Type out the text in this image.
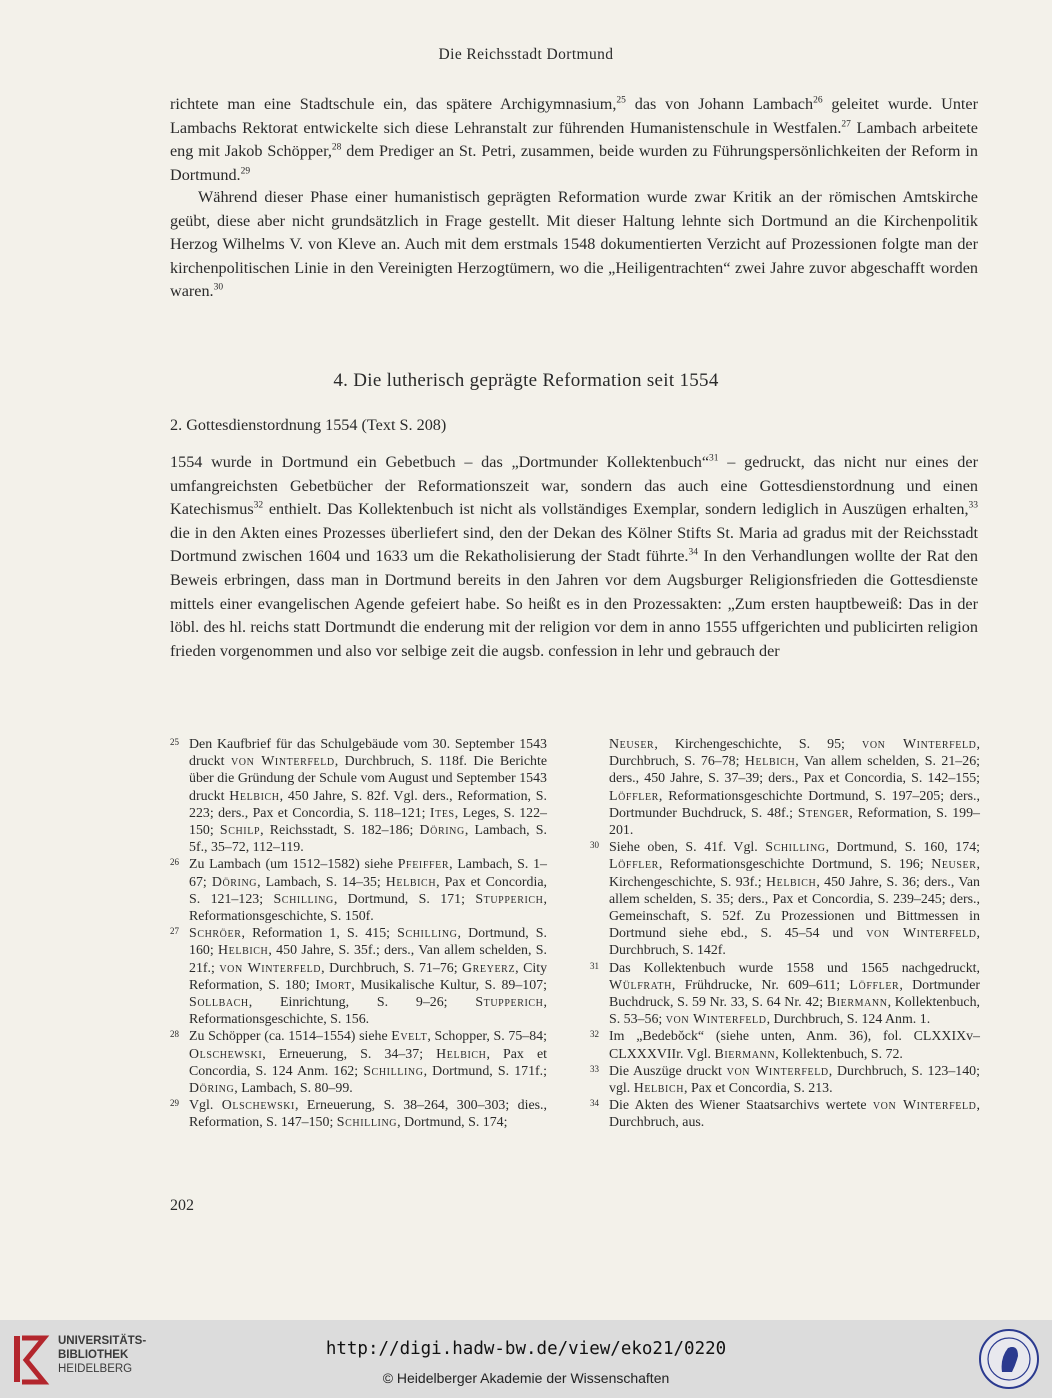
Die Reichsstadt Dortmund

richtete man eine Stadtschule ein, das spätere Archigymnasium,$^{25}$ das von Johann Lambach$^{26}$ geleitet wurde. Unter Lambachs Rektorat entwickelte sich diese Lehranstalt zur führenden Humanistenschule in Westfalen.$^{27}$ Lambach arbeitete eng mit Jakob Schöpper,$^{28}$ dem Prediger an St. Petri, zusammen, beide wurden zu Führungspersönlichkeiten der Reform in Dortmund.$^{29}$

Während dieser Phase einer humanistisch geprägten Reformation wurde zwar Kritik an der römischen Amtskirche geübt, diese aber nicht grundsätzlich in Frage gestellt. Mit dieser Haltung lehnte sich Dortmund an die Kirchenpolitik Herzog Wilhelms V. von Kleve an. Auch mit dem erstmals 1548 dokumentierten Verzicht auf Prozessionen folgte man der kirchenpolitischen Linie in den Vereinigten Herzogtümern, wo die „Heiligentrachten“ zwei Jahre zuvor abgeschafft worden waren.$^{30}$

4. Die lutherisch geprägte Reformation seit 1554
2. Gottesdienstordnung 1554 (Text S. 208)

1554 wurde in Dortmund ein Gebetbuch – das „Dortmunder Kollektenbuch“$^{31}$ – gedruckt, das nicht nur eines der umfangreichsten Gebetbücher der Reformationszeit war, sondern das auch eine Gottesdienstordnung und einen Katechismus$^{32}$ enthielt. Das Kollektenbuch ist nicht als vollständiges Exemplar, sondern lediglich in Auszügen erhalten,$^{33}$ die in den Akten eines Prozesses überliefert sind, den der Dekan des Kölner Stifts St. Maria ad gradus mit der Reichsstadt Dortmund zwischen 1604 und 1633 um die Rekatholisierung der Stadt führte.$^{34}$ In den Verhandlungen wollte der Rat den Beweis erbringen, dass man in Dortmund bereits in den Jahren vor dem Augsburger Religionsfrieden die Gottesdienste mittels einer evangelischen Agende gefeiert habe. So heißt es in den Prozessakten: „Zum ersten hauptbeweiß: Das in der löbl. des hl. reichs statt Dortmundt die enderung mit der religion vor dem in anno 1555 uffgerichten und publicirten religion frieden vorgenommen und also vor selbige zeit die augsb. confession in lehr und gebrauch der

25 Den Kaufbrief für das Schulgebäude vom 30. September 1543 druckt von Winterfeld, Durchbruch, S. 118f. Die Berichte über die Gründung der Schule vom August und September 1543 druckt Helbich, 450 Jahre, S. 82f. Vgl. ders., Reformation, S. 223; ders., Pax et Concordia, S. 118–121; Ites, Leges, S. 122–150; Schilp, Reichsstadt, S. 182–186; Döring, Lambach, S. 5f., 35–72, 112–119.

26 Zu Lambach (um 1512–1582) siehe Pfeiffer, Lambach, S. 1–67; Döring, Lambach, S. 14–35; Helbich, Pax et Concordia, S. 121–123; Schilling, Dortmund, S. 171; Stupperich, Reformationsgeschichte, S. 150f.

27 Schröer, Reformation 1, S. 415; Schilling, Dortmund, S. 160; Helbich, 450 Jahre, S. 35f.; ders., Van allem schelden, S. 21f.; von Winterfeld, Durchbruch, S. 71–76; Greyerz, City Reformation, S. 180; Imort, Musikalische Kultur, S. 89–107; Sollbach, Einrichtung, S. 9–26; Stupperich, Reformationsgeschichte, S. 156.

28 Zu Schöpper (ca. 1514–1554) siehe Evelt, Schopper, S. 75–84; Olschewski, Erneuerung, S. 34–37; Helbich, Pax et Concordia, S. 124 Anm. 162; Schilling, Dortmund, S. 171f.; Döring, Lambach, S. 80–99.

29 Vgl. Olschewski, Erneuerung, S. 38–264, 300–303; dies., Reformation, S. 147–150; Schilling, Dortmund, S. 174;

Neuser, Kirchengeschichte, S. 95; von Winterfeld, Durchbruch, S. 76–78; Helbich, Van allem schelden, S. 21–26; ders., 450 Jahre, S. 37–39; ders., Pax et Concordia, S. 142–155; Löffler, Reformationsgeschichte Dortmund, S. 197–205; ders., Dortmunder Buchdruck, S. 48f.; Stenger, Reformation, S. 199–201.

30 Siehe oben, S. 41f. Vgl. Schilling, Dortmund, S. 160, 174; Löffler, Reformationsgeschichte Dortmund, S. 196; Neuser, Kirchengeschichte, S. 93f.; Helbich, 450 Jahre, S. 36; ders., Van allem schelden, S. 35; ders., Pax et Concordia, S. 239–245; ders., Gemeinschaft, S. 52f. Zu Prozessionen und Bittmessen in Dortmund siehe ebd., S. 45–54 und von Winterfeld, Durchbruch, S. 142f.

31 Das Kollektenbuch wurde 1558 und 1565 nachgedruckt, Wülfrath, Frühdrucke, Nr. 609–611; Löffler, Dortmunder Buchdruck, S. 59 Nr. 33, S. 64 Nr. 42; Biermann, Kollektenbuch, S. 53–56; von Winterfeld, Durchbruch, S. 124 Anm. 1.

32 Im „Bedebŏck“ (siehe unten, Anm. 36), fol. CLXXIXv–CLXXXVIIr. Vgl. Biermann, Kollektenbuch, S. 72.

33 Die Auszüge druckt von Winterfeld, Durchbruch, S. 123–140; vgl. Helbich, Pax et Concordia, S. 213.

34 Die Akten des Wiener Staatsarchivs wertete von Winterfeld, Durchbruch, aus.

202
UNIVERSITÄTS-
BIBLIOTHEK
HEIDELBERG
http://digi.hadw-bw.de/view/eko21/0220
© Heidelberger Akademie der Wissenschaften
